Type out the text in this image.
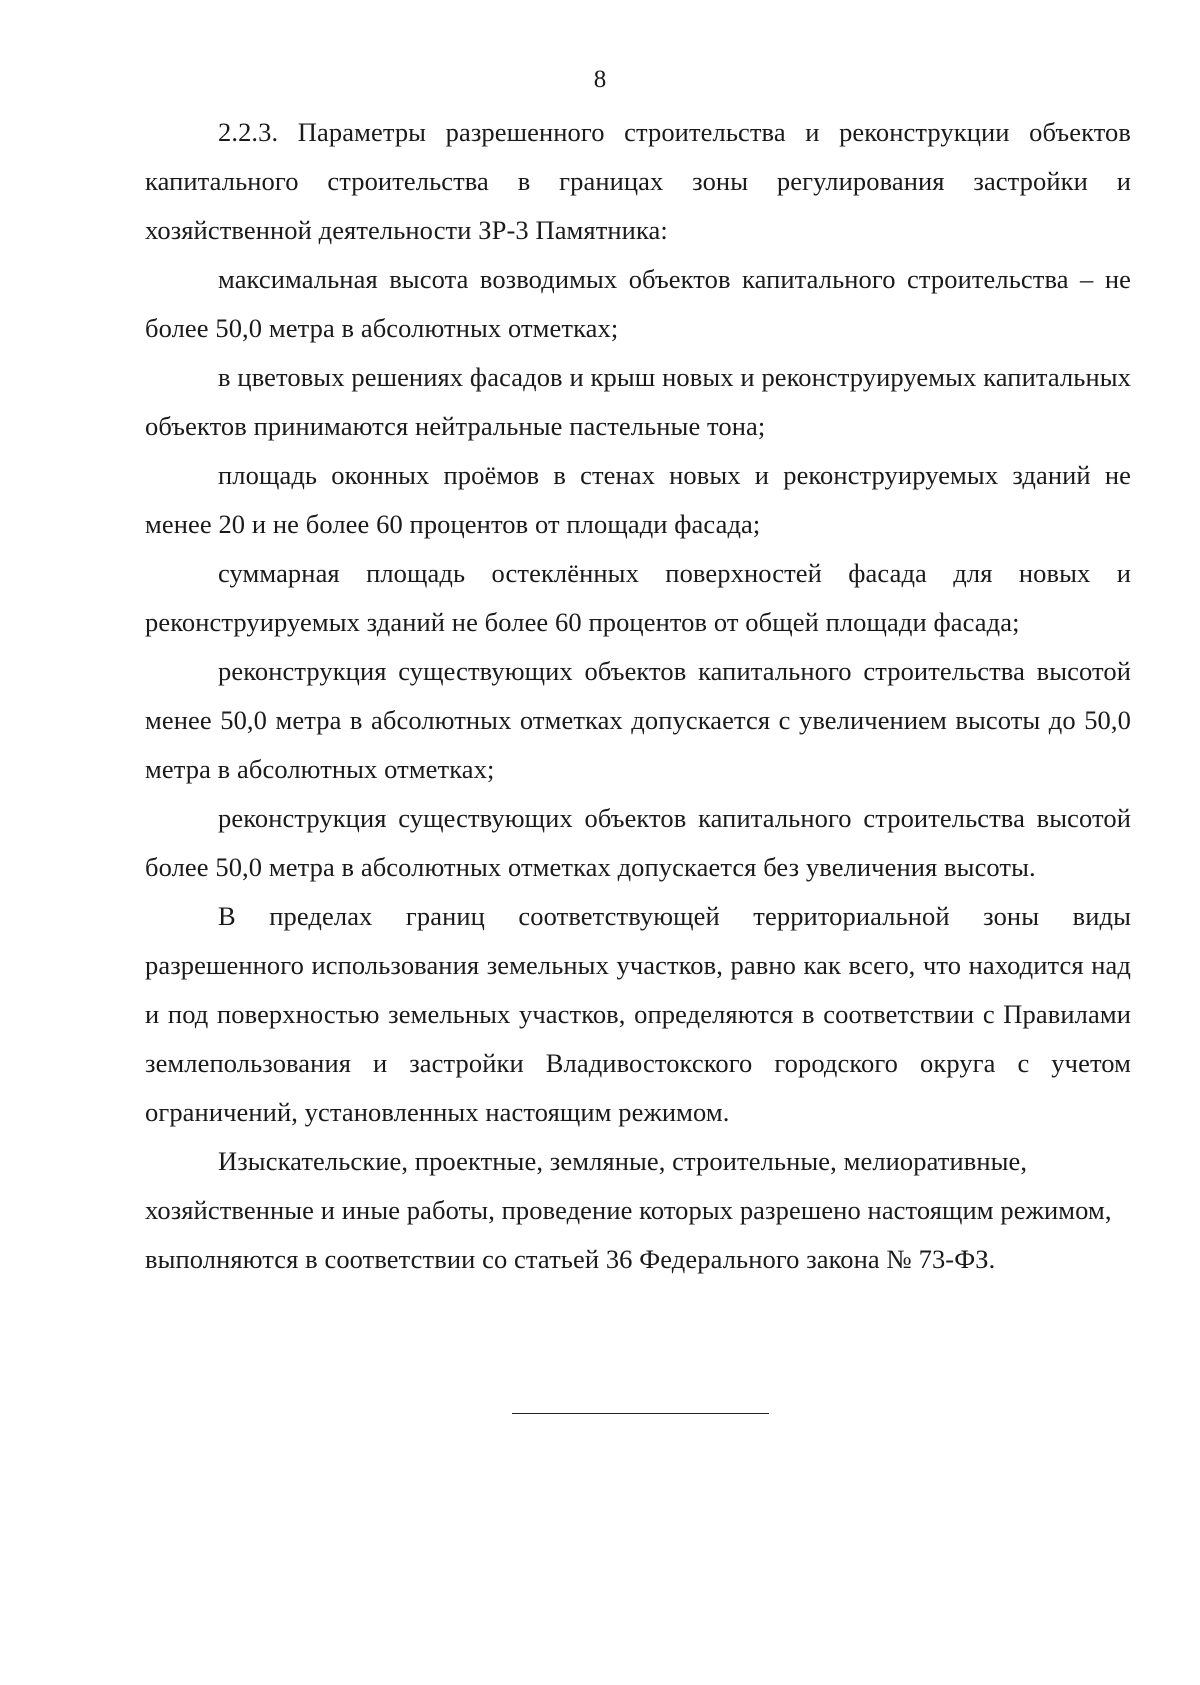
8

2.2.3. Параметры разрешенного строительства и реконструкции объектов капитального строительства в границах зоны регулирования застройки и хозяйственной деятельности ЗР-3 Памятника:

максимальная высота возводимых объектов капитального строительства – не более 50,0 метра в абсолютных отметках;

в цветовых решениях фасадов и крыш новых и реконструируемых капитальных объектов принимаются нейтральные пастельные тона;

площадь оконных проёмов в стенах новых и реконструируемых зданий не менее 20 и не более 60 процентов от площади фасада;

суммарная площадь остеклённых поверхностей фасада для новых и реконструируемых зданий не более 60 процентов от общей площади фасада;

реконструкция существующих объектов капитального строительства высотой менее 50,0 метра в абсолютных отметках допускается с увеличением высоты до 50,0 метра в абсолютных отметках;

реконструкция существующих объектов капитального строительства высотой более 50,0 метра в абсолютных отметках допускается без увеличения высоты.

В пределах границ соответствующей территориальной зоны виды разрешенного использования земельных участков, равно как всего, что находится над и под поверхностью земельных участков, определяются в соответствии с Правилами землепользования и застройки Владивостокского городского округа с учетом ограничений, установленных настоящим режимом.

Изыскательские, проектные, земляные, строительные, мелиоративные, хозяйственные и иные работы, проведение которых разрешено настоящим режимом, выполняются в соответствии со статьей 36 Федерального закона № 73-ФЗ.
